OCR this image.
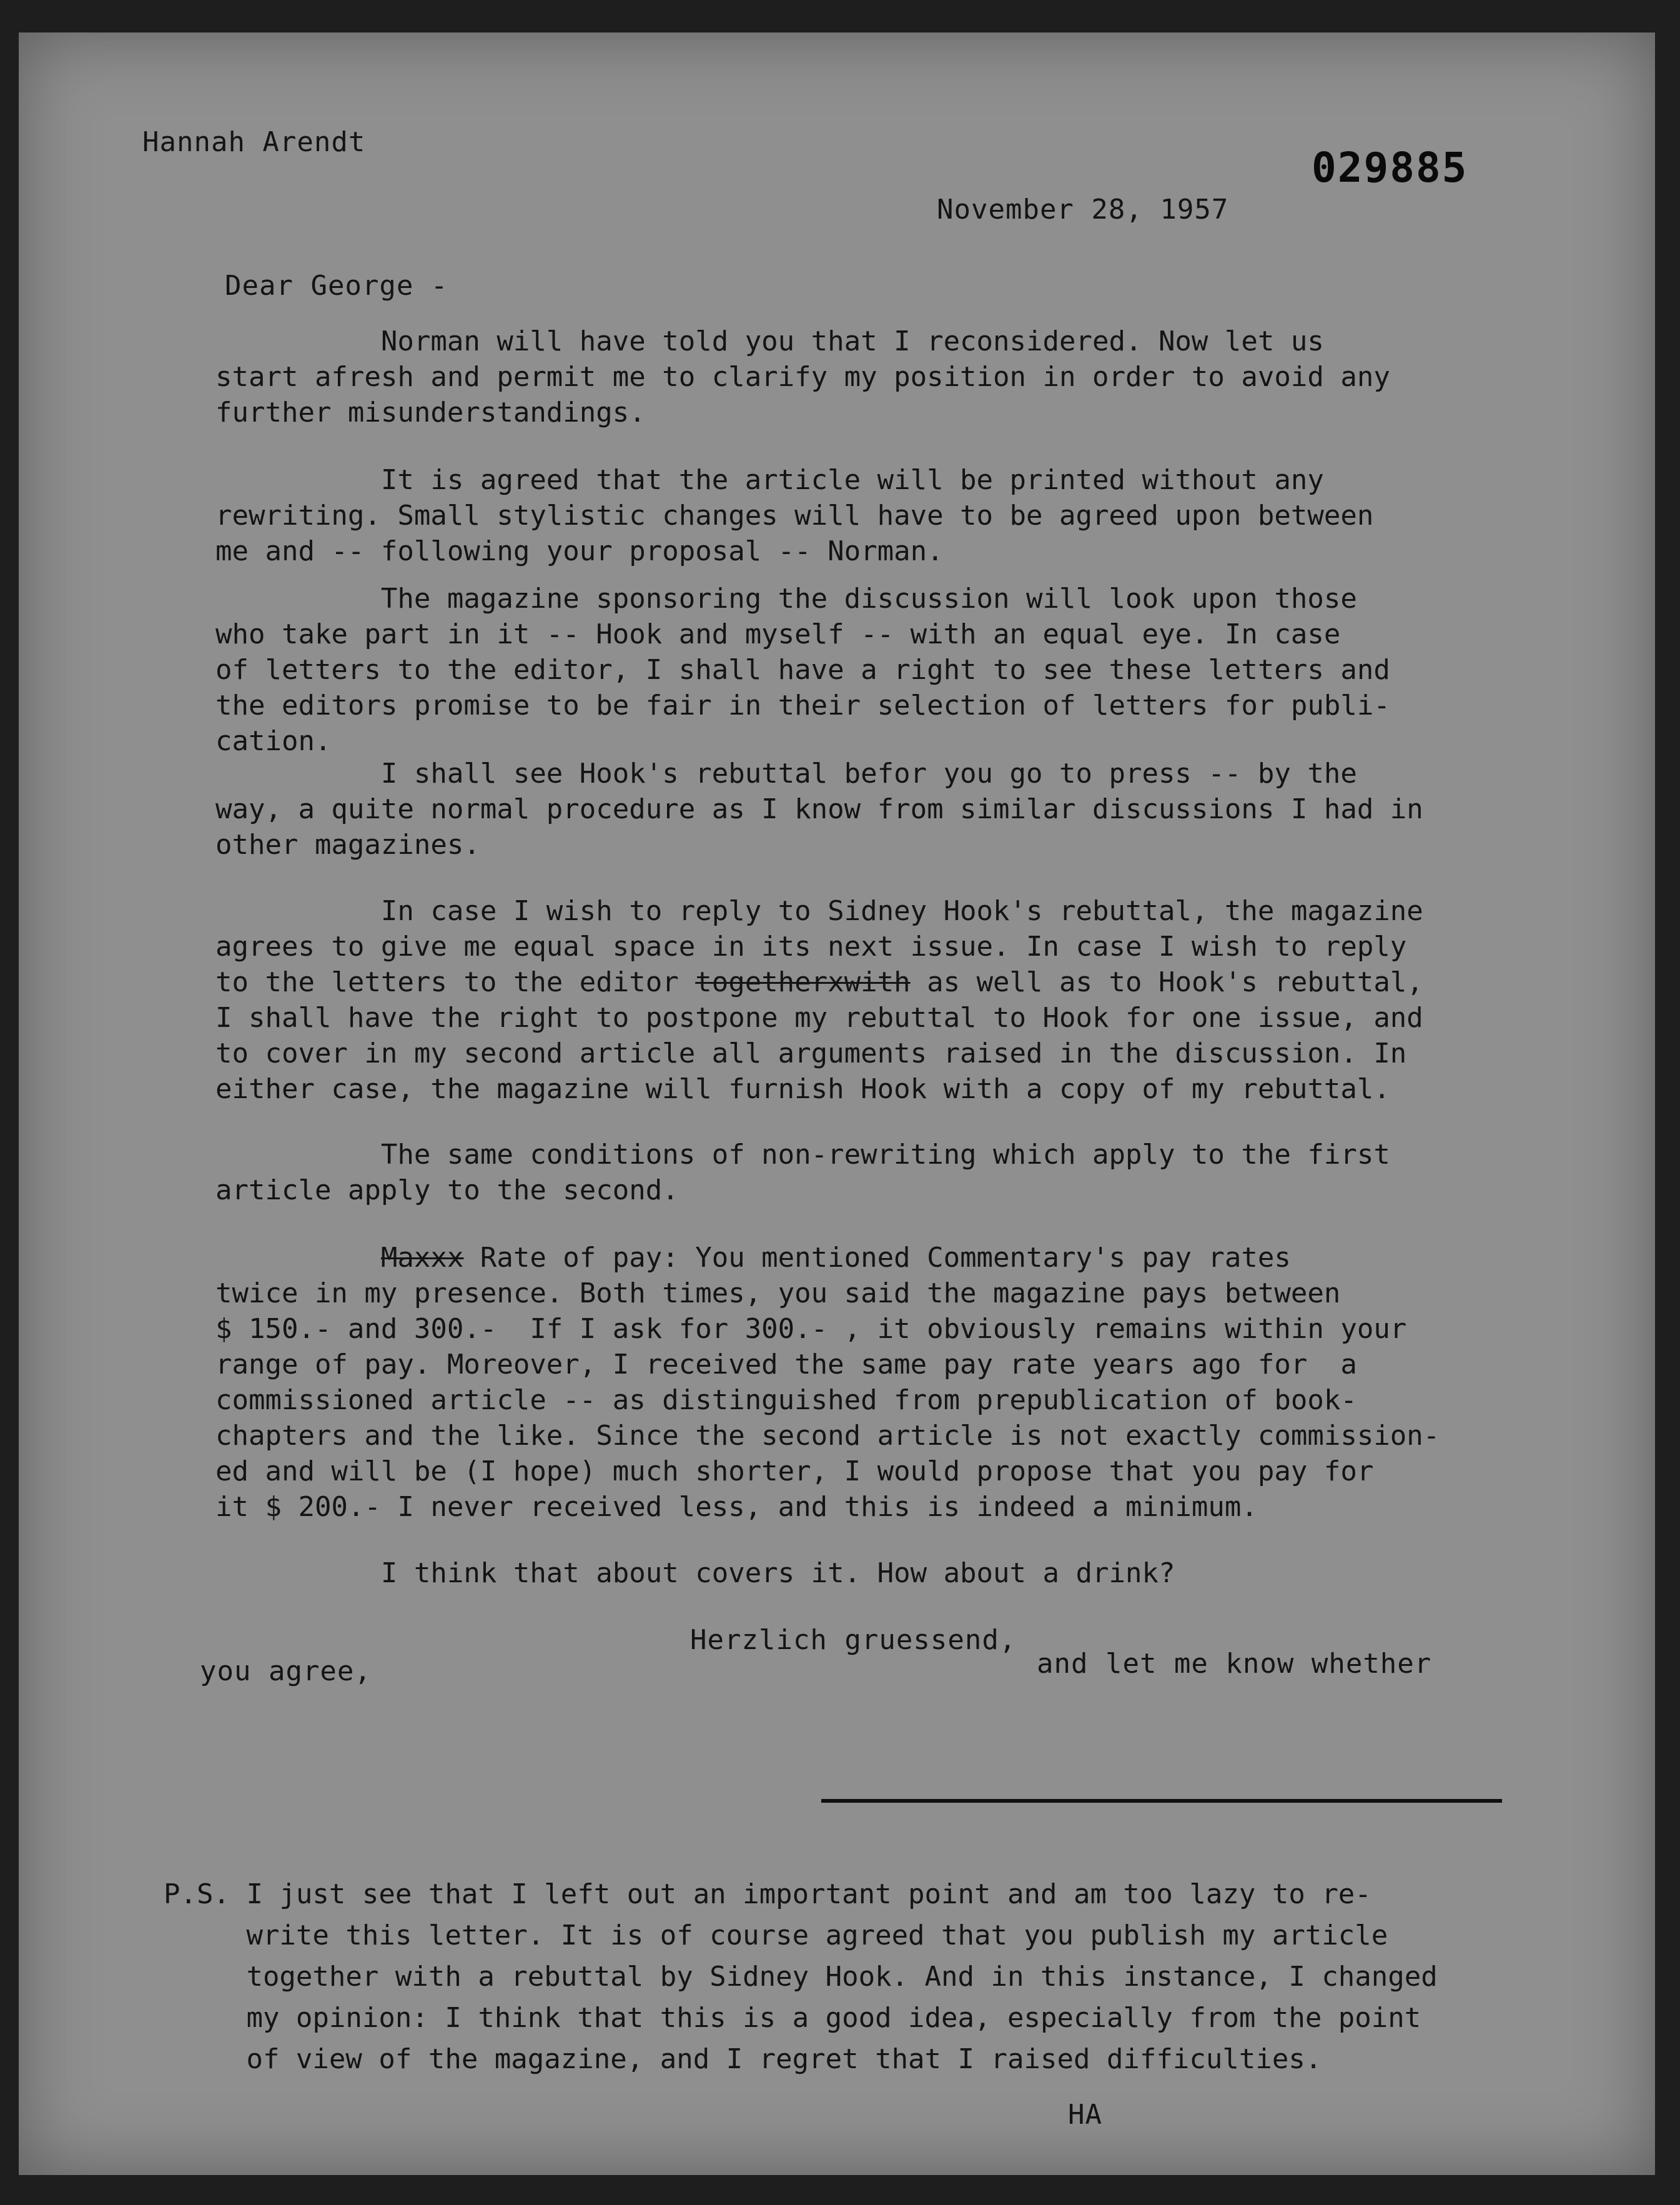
Hannah Arendt
029885
November 28, 1957
Dear George -
Norman will have told you that I reconsidered. Now let us
start afresh and permit me to clarify my position in order to avoid any
further misunderstandings.
It is agreed that the article will be printed without any
rewriting. Small stylistic changes will have to be agreed upon between
me and -- following your proposal -- Norman.
The magazine sponsoring the discussion will look upon those
who take part in it -- Hook and myself -- with an equal eye. In case
of letters to the editor, I shall have a right to see these letters and
the editors promise to be fair in their selection of letters for publi-
cation.
I shall see Hook's rebuttal befor you go to press -- by the
way, a quite normal procedure as I know from similar discussions I had in
other magazines.
In case I wish to reply to Sidney Hook's rebuttal, the magazine
agrees to give me equal space in its next issue. In case I wish to reply
to the letters to the editor togetherxwith as well as to Hook's rebuttal,
I shall have the right to postpone my rebuttal to Hook for one issue, and
to cover in my second article all arguments raised in the discussion. In
either case, the magazine will furnish Hook with a copy of my rebuttal.
The same conditions of non-rewriting which apply to the first
article apply to the second.
Maxxx Rate of pay: You mentioned Commentary's pay rates
twice in my presence. Both times, you said the magazine pays between
$ 150.- and 300.-  If I ask for 300.- , it obviously remains within your
range of pay. Moreover, I received the same pay rate years ago for  a
commissioned article -- as distinguished from prepublication of book-
chapters and the like. Since the second article is not exactly commission-
ed and will be (I hope) much shorter, I would propose that you pay for
it $ 200.- I never received less, and this is indeed a minimum.
I think that about covers it. How about a drink?
Herzlich gruessend,
and let me know whether
you agree,
P.S. I just see that I left out an important point and am too lazy to re-
write this letter. It is of course agreed that you publish my article
together with a rebuttal by Sidney Hook. And in this instance, I changed
my opinion: I think that this is a good idea, especially from the point
of view of the magazine, and I regret that I raised difficulties.
HA
